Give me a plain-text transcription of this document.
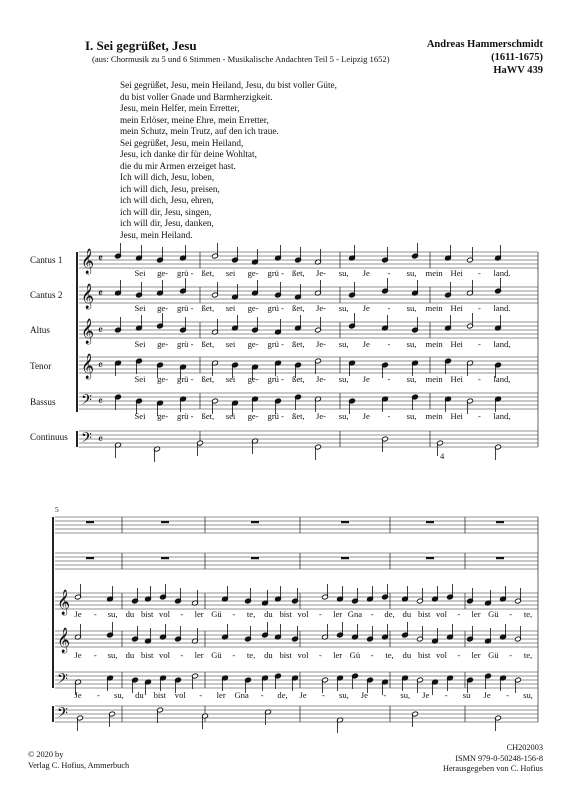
I. Sei gegrüßet, Jesu
(aus: Chormusik zu 5 und 6 Stimmen - Musikalische Andachten Teil 5 - Leipzig 1652)
Andreas Hammerschmidt
(1611-1675)
HaWV 439
Sei gegrüßet, Jesu, mein Heiland, Jesu, du bist voller Güte,
du bist voller Gnade und Barmherzigkeit.
Jesu, mein Helfer, mein Erretter,
mein Erlöser, meine Ehre, mein Erretter,
mein Schutz, mein Trutz, auf den ich traue.
Sei gegrüßet, Jesu, mein Heiland,
Jesu, ich danke dir für deine Wohltat,
die du mir Armen erzeiget hast.
Ich will dich, Jesu, loben,
ich will dich, Jesu, preisen,
ich will dich, Jesu, ehren,
ich will dir, Jesu, singen,
ich will dir, Jesu, danken,
Jesu, mein Heiland.
Cantus 1
Cantus 2
Altus
Tenor
Bassus
Continuus
𝄞 𝄵
𝄞 𝄵
𝄞 𝄴
𝄞 𝄴
𝄢 𝄴
𝄢 𝄴
4
Sei ge- grü - ßet, sei ge- grü - ßet, Je- su, Je - su, mein Hei - land.
Sei ge- grü - ßet, sei ge- grü - ßet, Je- su, Je - su, mein Hei - land.
Sei ge- grü - ßet, sei ge- grü - ßet, Je- su, Je - su, mein Hei - land,
Sei ge- grü - ßet, sei ge- grü - ßet, Je- su, Je - su, mein Hei - land,
Sei ge- grü - ßet, sei ge- grü - ßet, Je- su, Je - su, mein Hei - land,
𝄞
𝄞
𝄢
𝄢
5
Je - su, du bist vol - ler Gü - te, du bist vol - ler Gna - de, du bist vol - ler Gü - te,
Je - su, du bist vol - ler Gü - te, du bist vol - ler Gü - te, du bist vol - ler Gü - te,
Je - su, du bist vol - ler Gna - de, Je - su, Je - su, Je - su Je - su,
© 2020 by
Verlag C. Hofius, Ammerbuch
CH202003
ISMN 979-0-50248-156-8
Herausgegeben von C. Hofius
